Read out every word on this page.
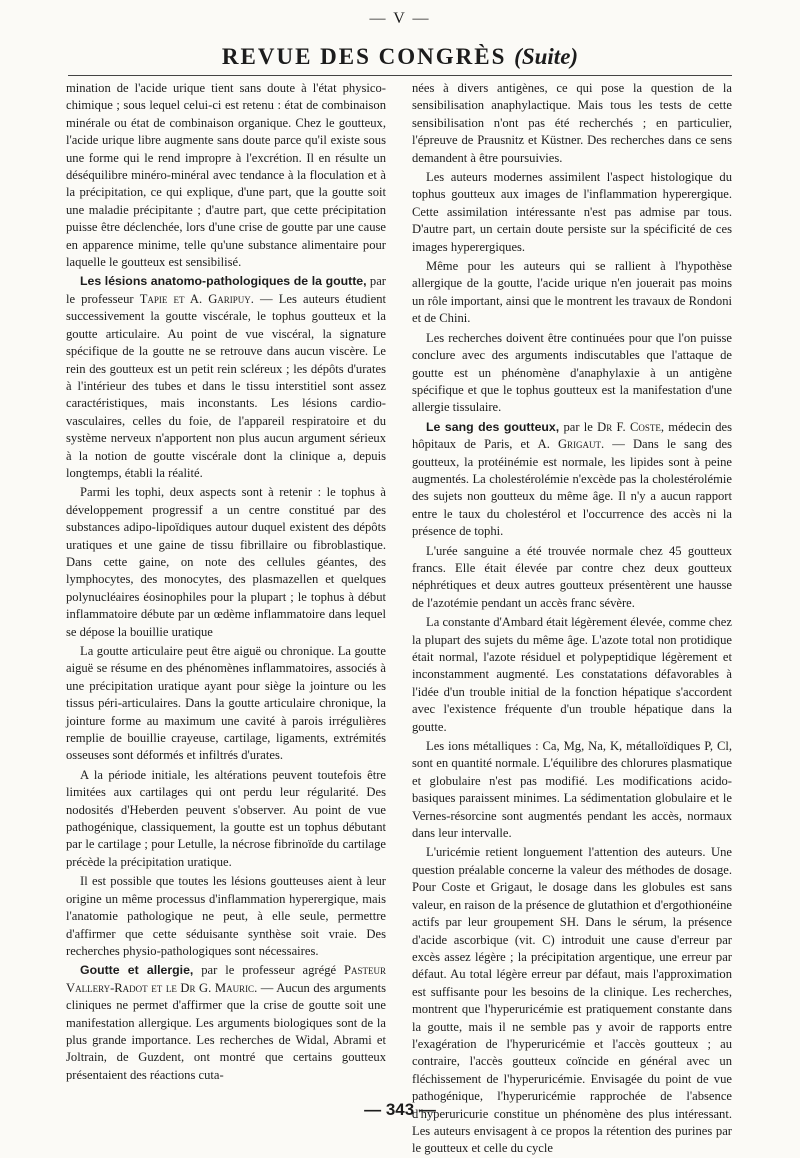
— V —
REVUE DES CONGRÈS (Suite)

mination de l'acide urique tient sans doute à l'état physico-chimique ; sous lequel celui-ci est retenu : état de combinaison minérale ou état de combinaison organique. Chez le goutteux, l'acide urique libre augmente sans doute parce qu'il existe sous une forme qui le rend impropre à l'excrétion. Il en résulte un déséquilibre minéro-minéral avec tendance à la floculation et à la précipitation, ce qui explique, d'une part, que la goutte soit une maladie précipitante ; d'autre part, que cette précipitation puisse être déclenchée, lors d'une crise de goutte par une cause en apparence minime, telle qu'une substance alimentaire pour laquelle le goutteux est sensibilisé.

Les lésions anatomo-pathologiques de la goutte, par le professeur Tapie et A. Garipuy. — Les auteurs étudient successivement la goutte viscérale, le tophus goutteux et la goutte articulaire. Au point de vue viscéral, la signature spécifique de la goutte ne se retrouve dans aucun viscère. Le rein des goutteux est un petit rein scléreux ; les dépôts d'urates à l'intérieur des tubes et dans le tissu interstitiel sont assez caractéristiques, mais inconstants. Les lésions cardio-vasculaires, celles du foie, de l'appareil respiratoire et du système nerveux n'apportent non plus aucun argument sérieux à la notion de goutte viscérale dont la clinique a, depuis longtemps, établi la réalité.

Parmi les tophi, deux aspects sont à retenir : le tophus à développement progressif a un centre constitué par des substances adipo-lipoïdiques autour duquel existent des dépôts uratiques et une gaine de tissu fibrillaire ou fibroblastique. Dans cette gaine, on note des cellules géantes, des lymphocytes, des monocytes, des plasmazellen et quelques polynucléaires éosinophiles pour la plupart ; le tophus à début inflammatoire débute par un œdème inflammatoire dans lequel se dépose la bouillie uratique

La goutte articulaire peut être aiguë ou chronique. La goutte aiguë se résume en des phénomènes inflammatoires, associés à une précipitation uratique ayant pour siège la jointure ou les tissus péri-articulaires. Dans la goutte articulaire chronique, la jointure forme au maximum une cavité à parois irrégulières remplie de bouillie crayeuse, cartilage, ligaments, extrémités osseuses sont déformés et infiltrés d'urates.

A la période initiale, les altérations peuvent toutefois être limitées aux cartilages qui ont perdu leur régularité. Des nodosités d'Heberden peuvent s'observer. Au point de vue pathogénique, classiquement, la goutte est un tophus débutant par le cartilage ; pour Letulle, la nécrose fibrinoïde du cartilage précède la précipitation uratique.

Il est possible que toutes les lésions goutteuses aient à leur origine un même processus d'inflammation hyperergique, mais l'anatomie pathologique ne peut, à elle seule, permettre d'affirmer que cette séduisante synthèse soit vraie. Des recherches physio-pathologiques sont nécessaires.

Goutte et allergie, par le professeur agrégé Pasteur Vallery-Radot et le Dr G. Mauric. — Aucun des arguments cliniques ne permet d'affirmer que la crise de goutte soit une manifestation allergique. Les arguments biologiques sont de la plus grande importance. Les recherches de Widal, Abrami et Joltrain, de Guzdent, ont montré que certains goutteux présentaient des réactions cuta-

nées à divers antigènes, ce qui pose la question de la sensibilisation anaphylactique. Mais tous les tests de cette sensibilisation n'ont pas été recherchés ; en particulier, l'épreuve de Prausnitz et Küstner. Des recherches dans ce sens demandent à être poursuivies.

Les auteurs modernes assimilent l'aspect histologique du tophus goutteux aux images de l'inflammation hyperergique. Cette assimilation intéressante n'est pas admise par tous. D'autre part, un certain doute persiste sur la spécificité de ces images hyperergiques.

Même pour les auteurs qui se rallient à l'hypothèse allergique de la goutte, l'acide urique n'en jouerait pas moins un rôle important, ainsi que le montrent les travaux de Rondoni et de Chini.

Les recherches doivent être continuées pour que l'on puisse conclure avec des arguments indiscutables que l'attaque de goutte est un phénomène d'anaphylaxie à un antigène spécifique et que le tophus goutteux est la manifestation d'une allergie tissulaire.

Le sang des goutteux, par le Dr F. Coste, médecin des hôpitaux de Paris, et A. Grigaut. — Dans le sang des goutteux, la protéinémie est normale, les lipides sont à peine augmentés. La cholestérolémie n'excède pas la cholestérolémie des sujets non goutteux du même âge. Il n'y a aucun rapport entre le taux du cholestérol et l'occurrence des accès ni la présence de tophi.

L'urée sanguine a été trouvée normale chez 45 goutteux francs. Elle était élevée par contre chez deux goutteux néphrétiques et deux autres goutteux présentèrent une hausse de l'azotémie pendant un accès franc sévère.

La constante d'Ambard était légèrement élevée, comme chez la plupart des sujets du même âge. L'azote total non protidique était normal, l'azote résiduel et polypeptidique légèrement et inconstamment augmenté. Les constatations défavorables à l'idée d'un trouble initial de la fonction hépatique s'accordent avec l'existence fréquente d'un trouble hépatique dans la goutte.

Les ions métalliques : Ca, Mg, Na, K, métalloïdiques P, Cl, sont en quantité normale. L'équilibre des chlorures plasmatique et globulaire n'est pas modifié. Les modifications acido-basiques paraissent minimes. La sédimentation globulaire et le Vernes-résorcine sont augmentés pendant les accès, normaux dans leur intervalle.

L'uricémie retient longuement l'attention des auteurs. Une question préalable concerne la valeur des méthodes de dosage. Pour Coste et Grigaut, le dosage dans les globules est sans valeur, en raison de la présence de glutathion et d'ergothionéine actifs par leur groupement SH. Dans le sérum, la présence d'acide ascorbique (vit. C) introduit une cause d'erreur par excès assez légère ; la précipitation argentique, une erreur par défaut. Au total légère erreur par défaut, mais l'approximation est suffisante pour les besoins de la clinique. Les recherches, montrent que l'hyperuricémie est pratiquement constante dans la goutte, mais il ne semble pas y avoir de rapports entre l'exagération de l'hyperuricémie et l'accès goutteux ; au contraire, l'accès goutteux coïncide en général avec un fléchissement de l'hyperuricémie. Envisagée du point de vue pathogénique, l'hyperuricémie rapprochée de l'absence d'hyperuricurie constitue un phénomène des plus intéressant. Les auteurs envisagent à ce propos la rétention des purines par le goutteux et celle du cycle

— 343 —
